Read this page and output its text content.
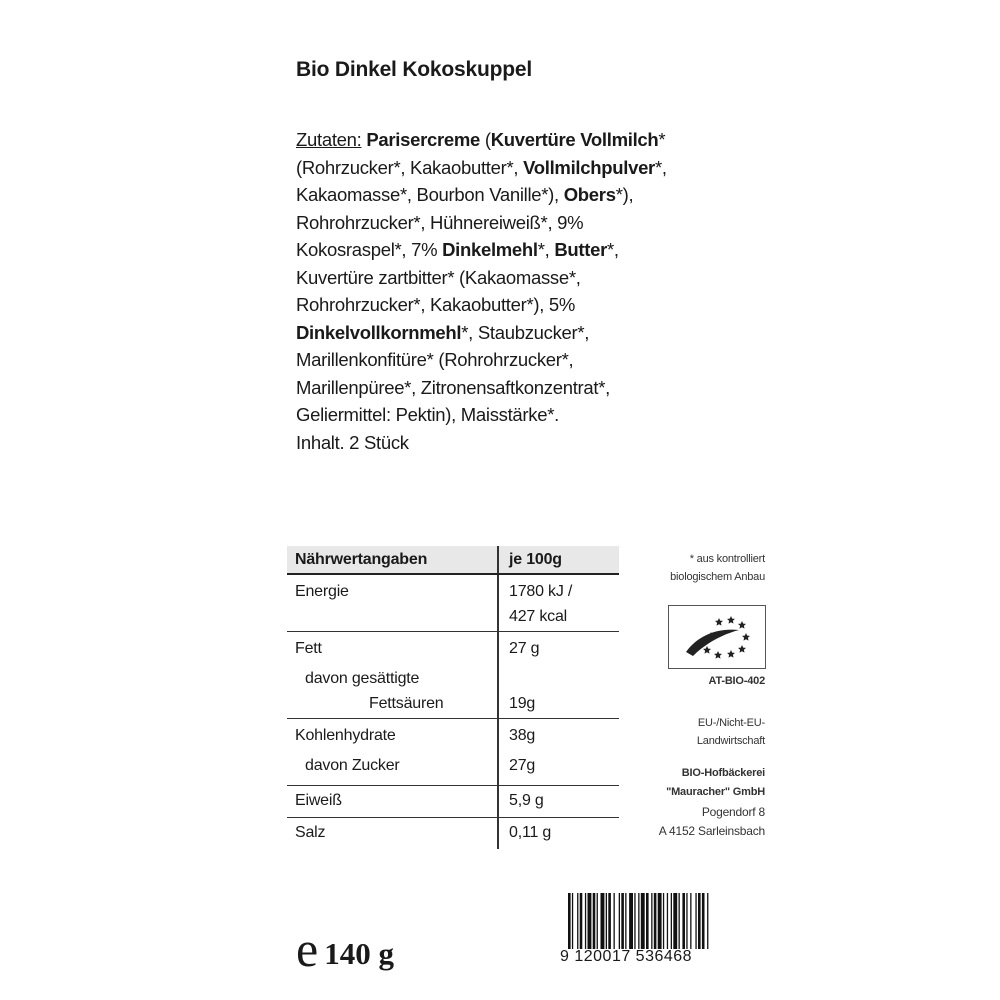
Bio Dinkel Kokoskuppel
Zutaten: Parisercreme (Kuvertüre Vollmilch*
(Rohrzucker*, Kakaobutter*, Vollmilchpulver*,
Kakaomasse*, Bourbon Vanille*), Obers*),
Rohrohrzucker*, Hühnereiweiß*, 9%
Kokosraspel*, 7% Dinkelmehl*, Butter*,
Kuvertüre zartbitter* (Kakaomasse*,
Rohrohrzucker*, Kakaobutter*), 5%
Dinkelvollkornmehl*, Staubzucker*,
Marillenkonfitüre* (Rohrohrzucker*,
Marillenpüree*, Zitronensaftkonzentrat*,
Geliermittel: Pektin), Maisstärke*.
Inhalt. 2 Stück
Nährwertangaben	je 100g
Energie	1780 kJ /
427 kcal
Fett	27 g
davon gesättigte
Fettsäuren	19g
Kohlenhydrate	38g
davon Zucker	27g
Eiweiß	5,9 g
Salz	0,11 g
* aus kontrolliert
biologischem Anbau
AT-BIO-402
EU-/Nicht-EU-
Landwirtschaft
BIO-Hofbäckerei
"Mauracher" GmbH
Pogendorf 8
A 4152 Sarleinsbach
e 140 g	9 120017 536468
